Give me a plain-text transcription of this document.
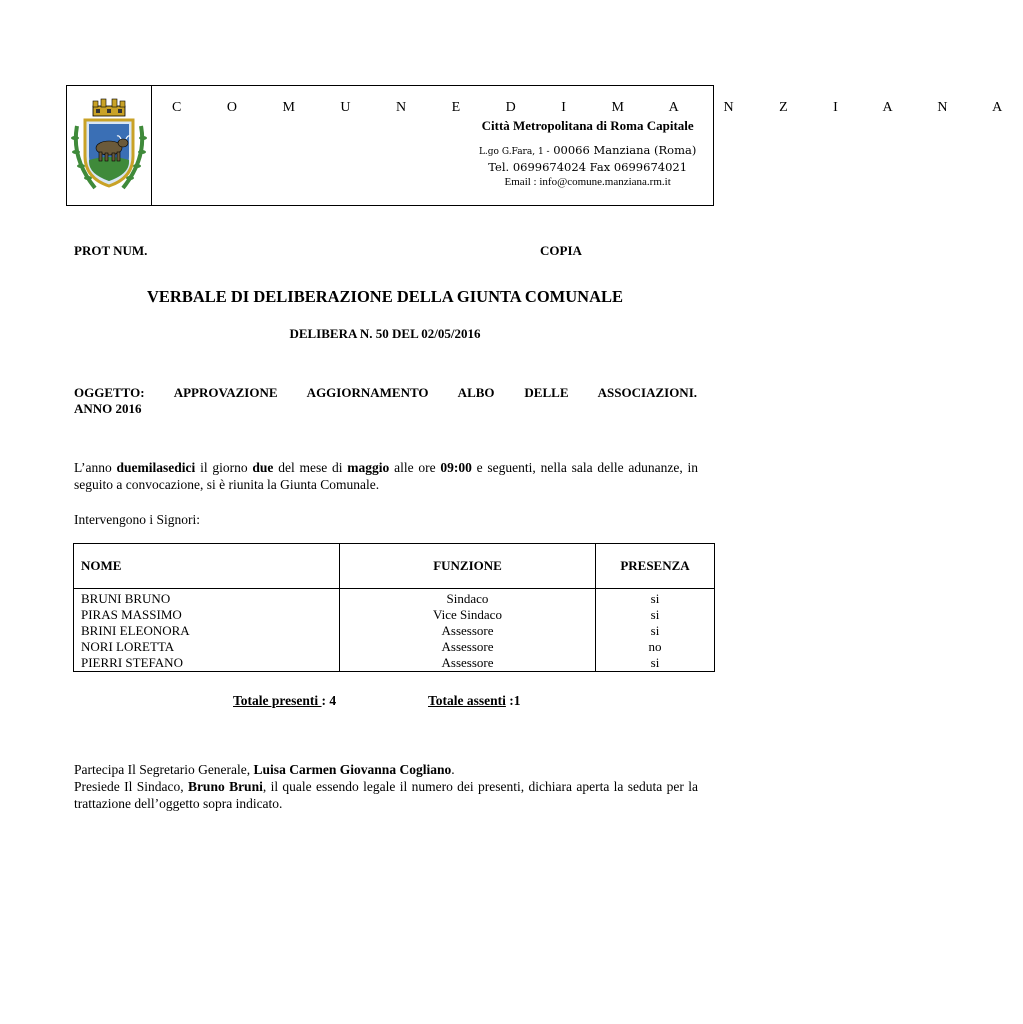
C O M U N E D I M A N Z I A N A
Città Metropolitana di Roma Capitale
L.go G.Fara, 1 - 00066 Manziana (Roma)
Tel. 0699674024 Fax 0699674021
Email : info@comune.manziana.rm.it
PROT NUM.	COPIA
VERBALE DI DELIBERAZIONE DELLA GIUNTA COMUNALE
DELIBERA N. 50 DEL 02/05/2016
OGGETTO: APPROVAZIONE AGGIORNAMENTO ALBO DELLE ASSOCIAZIONI.
ANNO 2016
L’anno duemilasedici il giorno due del mese di maggio alle ore 09:00 e seguenti, nella sala delle adunanze, in seguito a convocazione, si è riunita la Giunta Comunale.
Intervengono i Signori:
NOME	FUNZIONE	PRESENZA
BRUNI BRUNO	Sindaco	si
PIRAS MASSIMO	Vice Sindaco	si
BRINI ELEONORA	Assessore	si
NORI LORETTA	Assessore	no
PIERRI STEFANO	Assessore	si
Totale presenti : 4	Totale assenti :1
Partecipa Il Segretario Generale, Luisa Carmen Giovanna Cogliano.
Presiede Il Sindaco, Bruno Bruni, il quale essendo legale il numero dei presenti, dichiara aperta la seduta per la trattazione dell’oggetto sopra indicato.
